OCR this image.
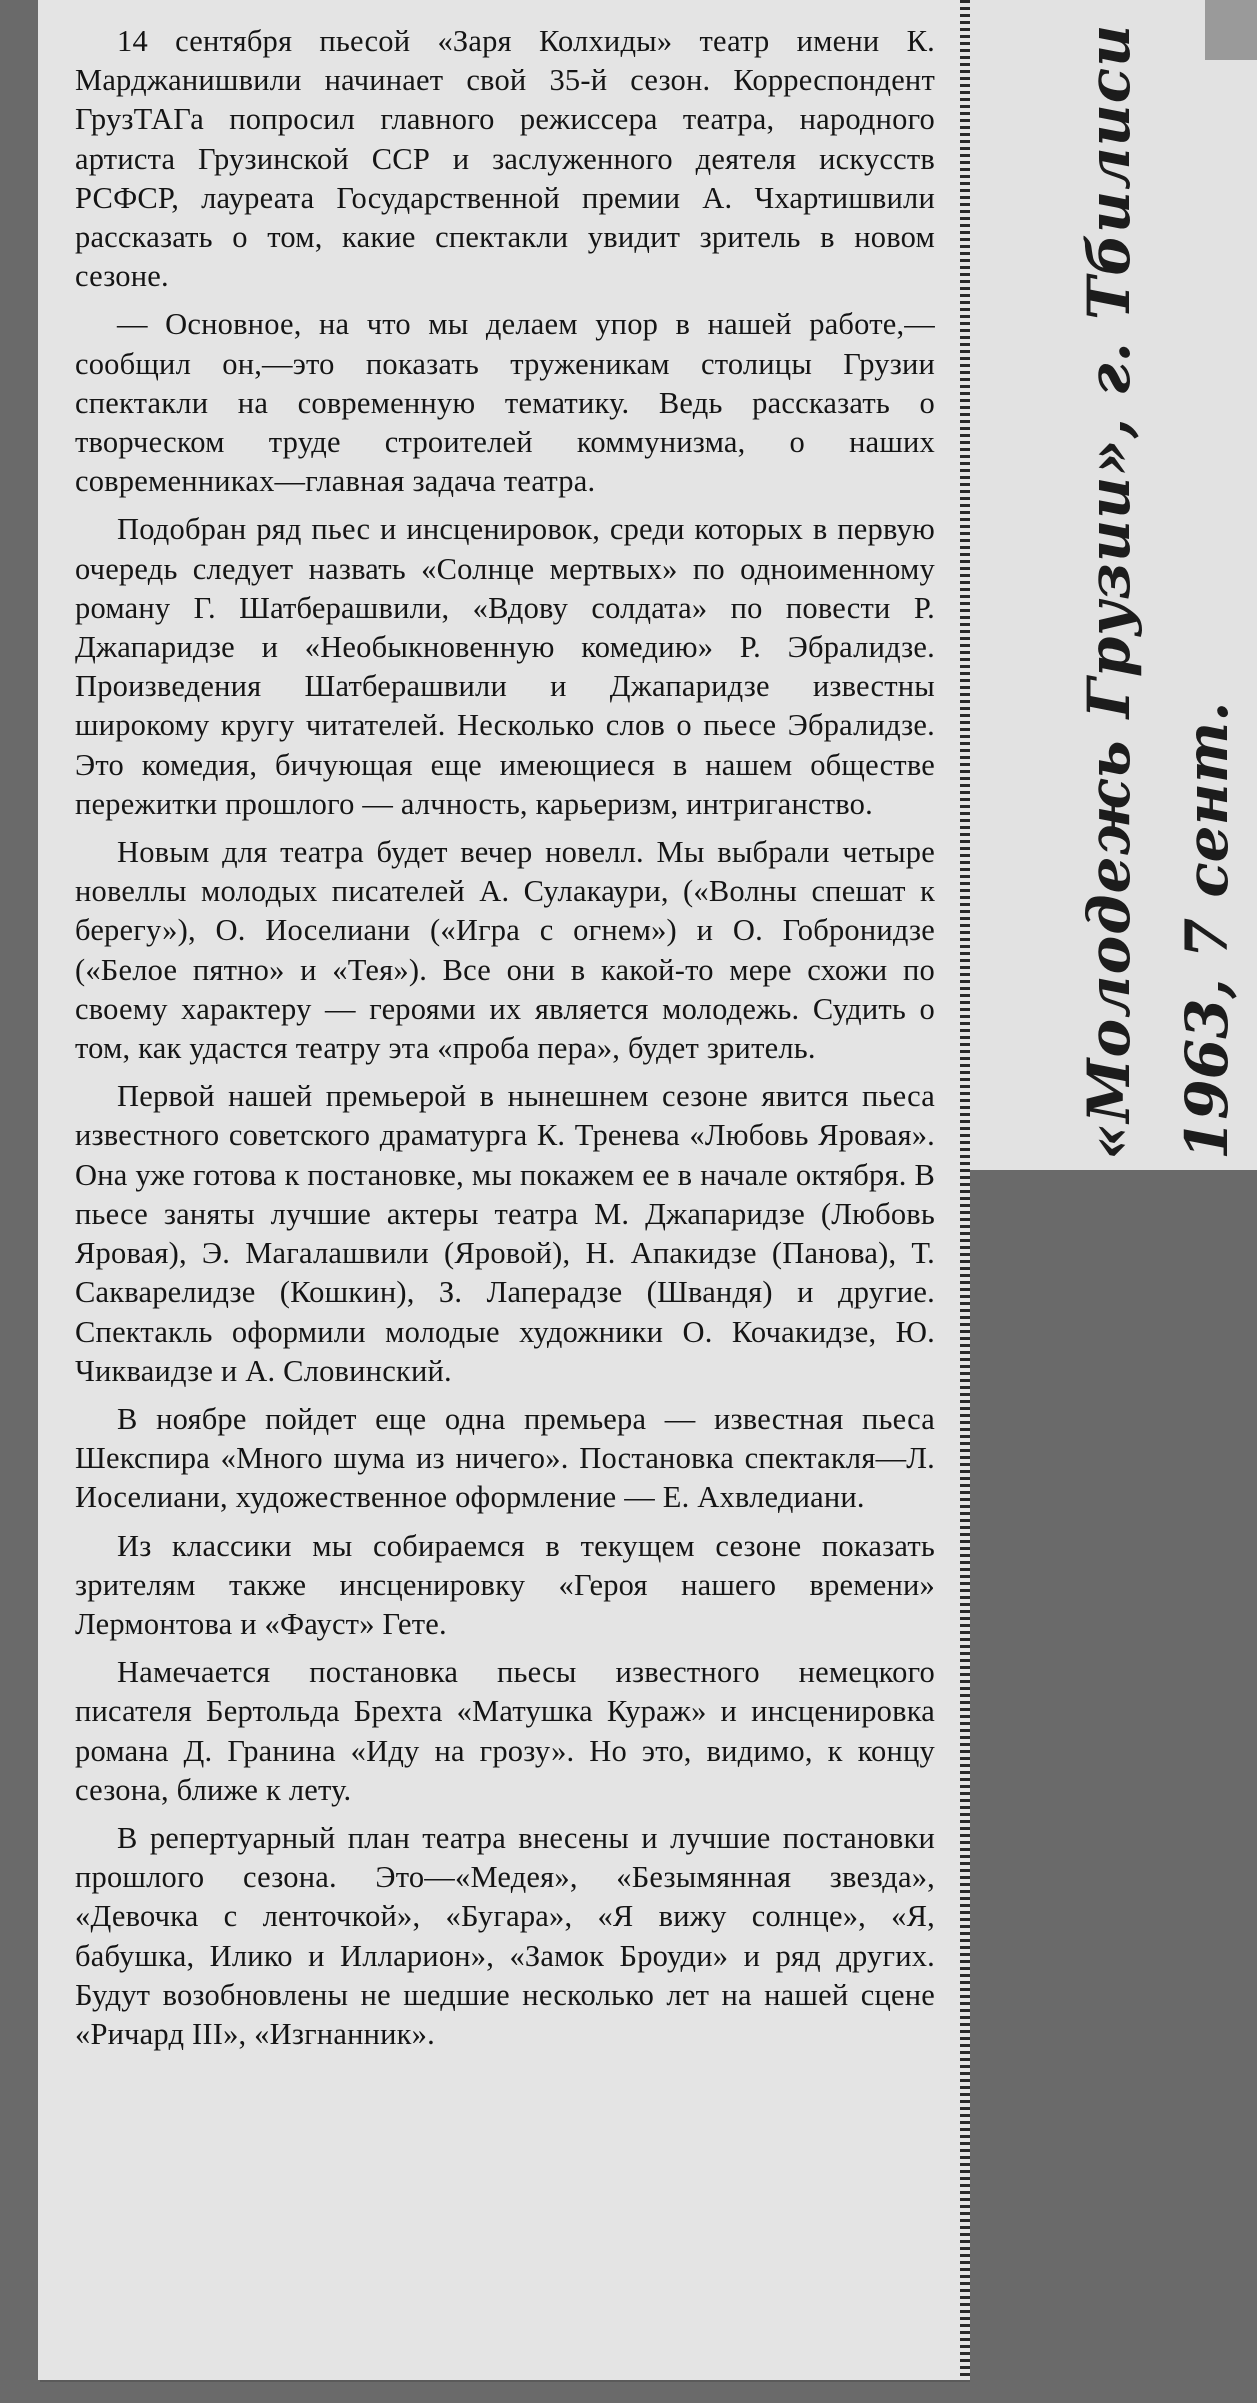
«Молодежь Грузии», г. Тбилиси 1963, 7 сент.

14 сентября пьесой «Заря Колхиды» театр имени К. Марджанишвили начинает свой 35-й сезон. Корреспондент ГрузТАГа попросил главного режиссера театра, народного артиста Грузинской ССР и заслуженного деятеля искусств РСФСР, лауреата Государственной премии А. Чхартишвили рассказать о том, какие спектакли увидит зритель в новом сезоне.

— Основное, на что мы делаем упор в нашей работе,—сообщил он,—это показать труженикам столицы Грузии спектакли на современную тематику. Ведь рассказать о творческом труде строителей коммунизма, о наших современниках—главная задача театра.

Подобран ряд пьес и инсценировок, среди которых в первую очередь следует назвать «Солнце мертвых» по одноименному роману Г. Шатберашвили, «Вдову солдата» по повести Р. Джапаридзе и «Необыкновенную комедию» Р. Эбралидзе. Произведения Шатберашвили и Джапаридзе известны широкому кругу читателей. Несколько слов о пьесе Эбралидзе. Это комедия, бичующая еще имеющиеся в нашем обществе пережитки прошлого — алчность, карьеризм, интриганство.

Новым для театра будет вечер новелл. Мы выбрали четыре новеллы молодых писателей А. Сулакаури, («Волны спешат к берегу»), О. Иоселиани («Игра с огнем») и О. Гобронидзе («Белое пятно» и «Тея»). Все они в какой-то мере схожи по своему характеру — героями их является молодежь. Судить о том, как удастся театру эта «проба пера», будет зритель.

Первой нашей премьерой в нынешнем сезоне явится пьеса известного советского драматурга К. Тренева «Любовь Яровая». Она уже готова к постановке, мы покажем ее в начале октября. В пьесе заняты лучшие актеры театра М. Джапаридзе (Любовь Яровая), Э. Магалашвили (Яровой), Н. Апакидзе (Панова), Т. Сакварелидзе (Кошкин), З. Лаперадзе (Швандя) и другие. Спектакль оформили молодые художники О. Кочакидзе, Ю. Чикваидзе и А. Словинский.

В ноябре пойдет еще одна премьера — известная пьеса Шекспира «Много шума из ничего». Постановка спектакля—Л. Иоселиани, художественное оформление — Е. Ахвледиани.

Из классики мы собираемся в текущем сезоне показать зрителям также инсценировку «Героя нашего времени» Лермонтова и «Фауст» Гете.

Намечается постановка пьесы известного немецкого писателя Бертольда Брехта «Матушка Кураж» и инсценировка романа Д. Гранина «Иду на грозу». Но это, видимо, к концу сезона, ближе к лету.

В репертуарный план театра внесены и лучшие постановки прошлого сезона. Это—«Медея», «Безымянная звезда», «Девочка с ленточкой», «Бугара», «Я вижу солнце», «Я, бабушка, Илико и Илларион», «Замок Броуди» и ряд других. Будут возобновлены не шедшие несколько лет на нашей сцене «Ричард III», «Изгнанник».
